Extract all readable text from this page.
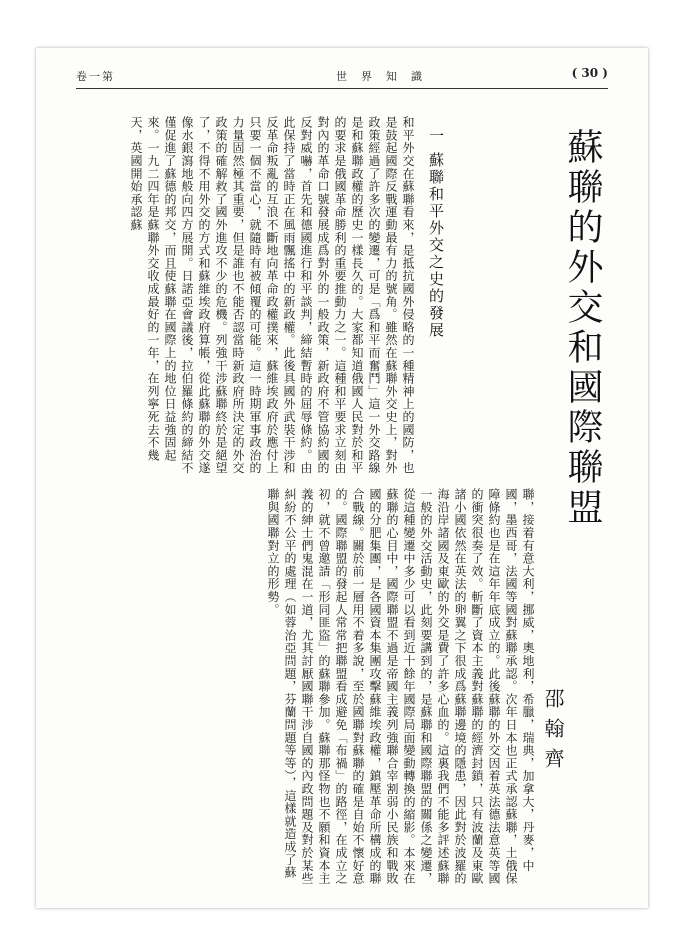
卷一第	世界知識	( 30 )
蘇聯的外交和國際聯盟
一 蘇聯和平外交之史的發展
和平外交在蘇聯看來，是抵抗國外侵略的一種精神上的國防，也是鼓起國際反戰運動最有力的號角。雖然在蘇聯外交史上，對外政策經過了許多次的變遷，可是「爲和平而奮鬥」這一外交路線是和蘇聯政權的歷史一樣長久的。大家都知道俄國人民對於和平的要求是俄國革命勝利的重要推動力之一。這種和平要求立刻由對內的革命口號發展成爲對外的一般政策，新政府不管協約國的反對威嚇，首先和德國進行和平談判，締結暫時的屈辱條約。由此保持了當時正在風雨飄搖中的新政權。此後具國外武裝干涉和反革命叛亂的互浪不斷地向革命政權撲來，蘇維埃政府於應付上只要一個不當心，就隨時有被傾覆的可能。這一時期軍事政治的力量固然極其重要，但是誰也不能否認當時新政府所決定的外交政策的確解救了國外進攻不少的危機。列強干涉蘇聯終於是絕望了，不得不用外交的方式和蘇維埃政府算帳，從此蘇聯的外交遂像水銀瀉地般向四方展開。日諾亞會議後，拉伯羅條約的締結不僅促進了蘇德的邦交，而且使蘇聯在國際上的地位日益強固起來。一九二四年是蘇聯外交收成最好的一年，在列寧死去不幾天，英國開始承認蘇
聯，接着有意大利，挪威，奧地利，希臘，瑞典，加拿大，丹麥，中國，墨西哥，法國等國對蘇聯承認。次年日本也正式承認蘇聯，土俄保障條約也是在這年年底成立的。此後蘇聯的外交因着英法德法意英等國的衝突很奏了效。斬斷了資本主義對蘇聯的經濟封鎖，只有波蘭及東歐諸小國依然在英法的卵翼之下很成爲蘇聯邊境的隱患，因此對於波羅的海沿岸諸國及東歐的外交是費了許多心血的。這裏我們不能多評述蘇聯一般的外交活動史，此刻要講到的，是蘇聯和國際聯盟的關係之變遷，從這種變遷中多少可以看到近十餘年國際局面變動轉換的縮影。本來在蘇聯的心目中，國際聯盟不過是帝國主義列強聯合宰割弱小民族和戰敗國的分肥集團，是各國資本集團攻擊蘇維埃政權，鎮壓革命所構成的聯合戰線。關於前一層用不着多說，至於國聯對蘇聯的確是自始不懷好意的。國際聯盟的發起人常常把聯盟看成避免「布禍」的路徑，在成立之初，就不曾邀請「形同匪盜」的蘇聯參加。蘇聯那怪物也不願和資本主義的紳士們鬼混在一道，尤其討厭國聯干涉自國的內政問題及對於某些糾紛不公平的處理（如蓉治亞問題，芬蘭問題等等），這樣就造成了蘇聯與國聯對立的形勢。
邵翰齊
